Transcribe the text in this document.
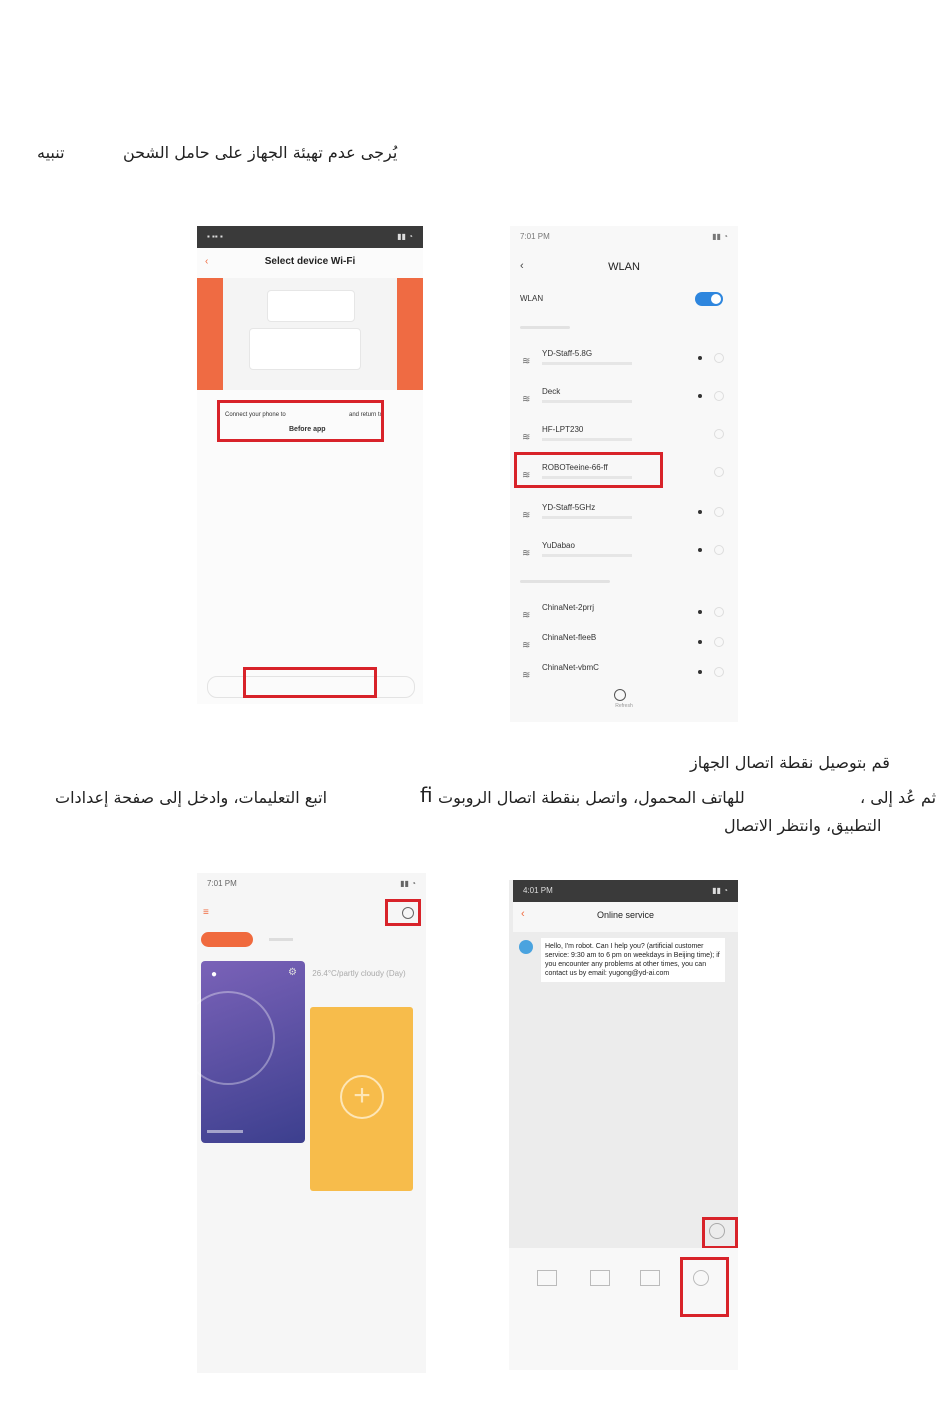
تنبيه	يُرجى عدم تهيئة الجهاز على حامل الشحن
▪ ▪▪ ▪	▮▮ ◔
‹	Select device Wi-Fi
Connect your phone to	and return to
Before app
7:01 PM	▮▮ ◔
‹	WLAN
WLAN
≋
YD-Staff-5.8G
≋
Deck
≋
HF-LPT230
≋
ROBOTeeine-66-ff
≋
YD-Staff-5GHz
≋
YuDabao
≋
ChinaNet-2prrj
≋
ChinaNet-fleeB
≋
ChinaNet-vbmC
Refresh
قم بتوصيل نقطة اتصال الجهاز
اتبع التعليمات، وادخل إلى صفحة إعدادات	ﬁ للهاتف المحمول، واتصل بنقطة اتصال الروبوت	، ثم عُد إلى
التطبيق، وانتظر الاتصال
7:01 PM	▮▮ ◔
≡
●	⚙	26.4°C/partly cloudy (Day)
+
4:01 PM	▮▮ ◔
‹	Online service
Hello, I'm robot. Can I help you? (artificial customer service: 9:30 am to 6 pm on weekdays in Beijing time); if you encounter any problems at other times, you can contact us by email: yugong@yd-ai.com
